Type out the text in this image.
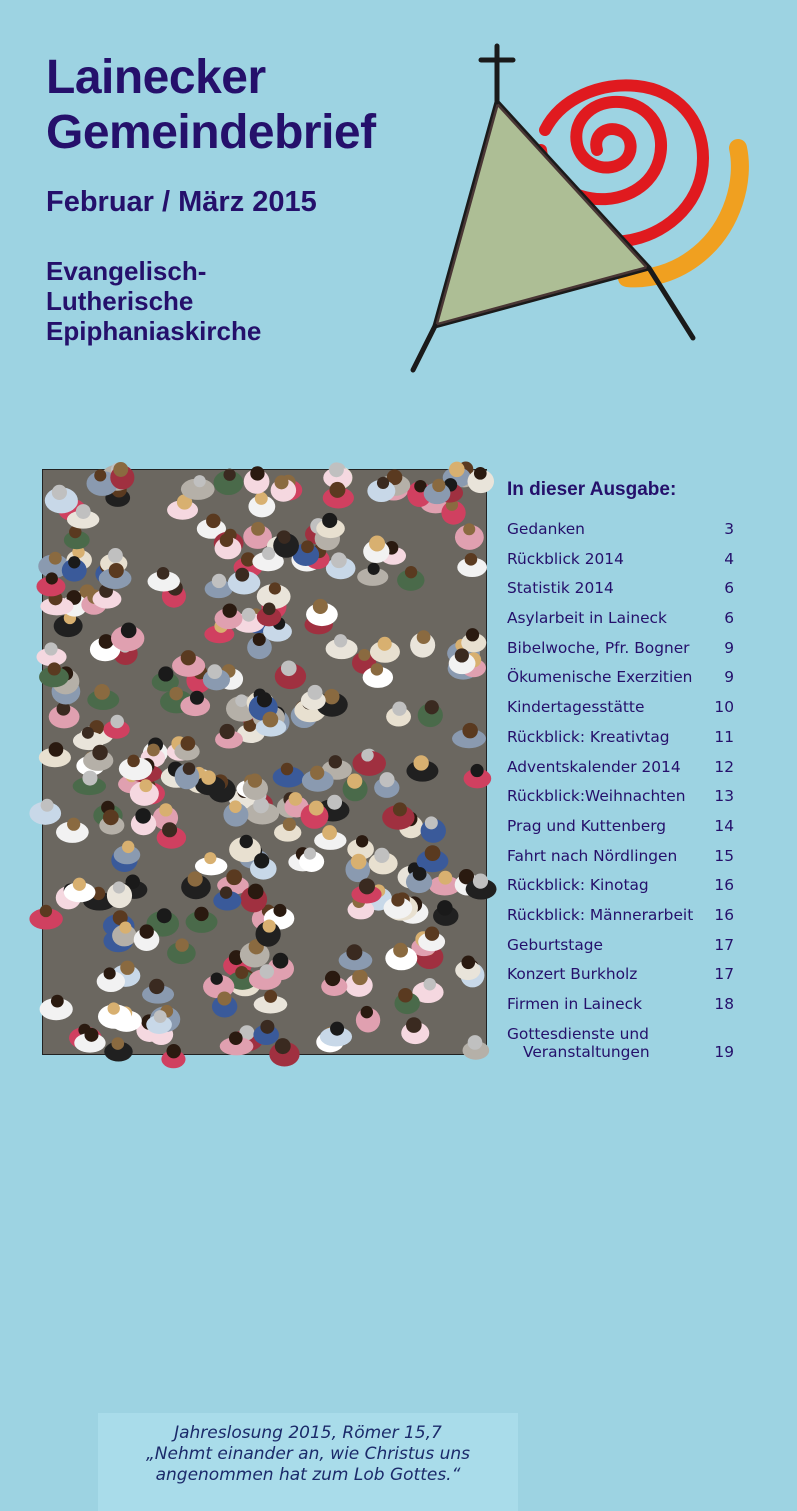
Lainecker
Gemeindebrief
Februar / März 2015
Evangelisch-
Lutherische
Epiphaniaskirche
Jahreslosung 2015, Römer 15,7
„Nehmt einander an, wie Christus uns
angenommen hat zum Lob Gottes.“
In dieser Ausgabe:
Gedanken	3
Rückblick 2014	4
Statistik 2014	6
Asylarbeit in Laineck	6
Bibelwoche, Pfr. Bogner 9
Ökumenische Exerzitien 9
Kindertagesstätte	10
Rückblick: Kreativtag	11
Adventskalender 2014 12
Rückblick:Weihnachten 13
Prag und Kuttenberg	14
Fahrt nach Nördlingen 15
Rückblick: Kinotag	16
Rückblick: Männerarbeit 16
Geburtstage	17
Konzert Burkholz	17
Firmen in Laineck	18
Gottesdienste und
Veranstaltungen	19
